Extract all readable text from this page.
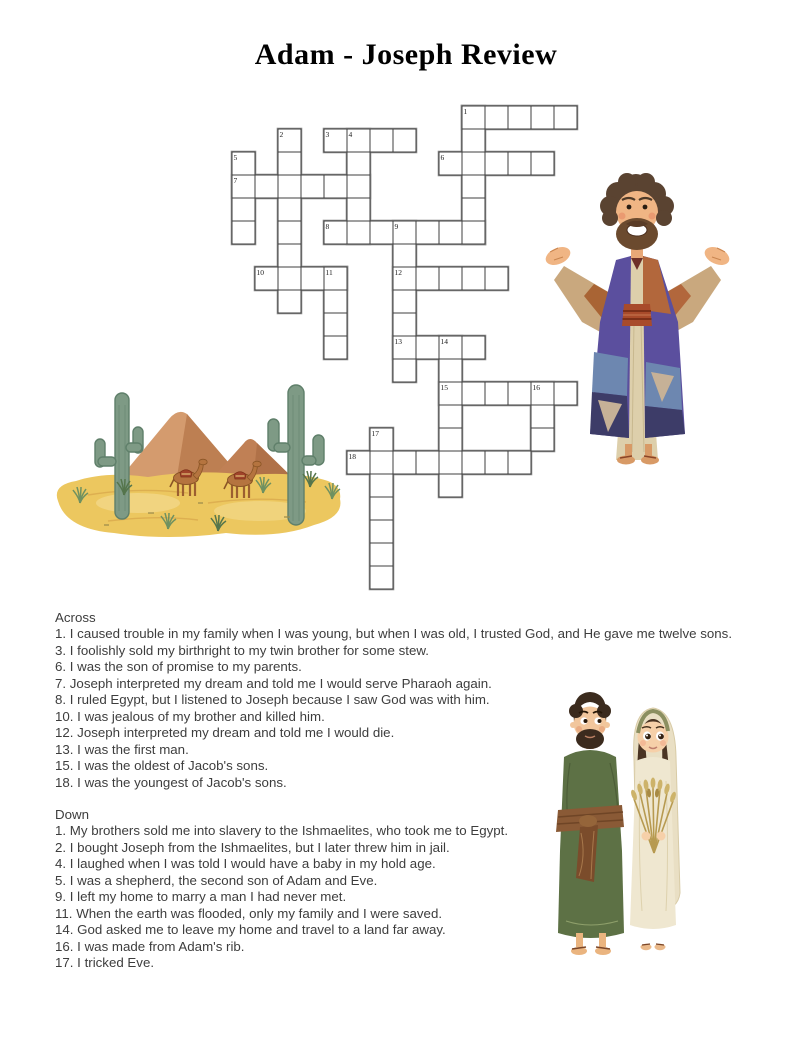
Adam - Joseph Review
1
2	3	4
5	6
7
8	9
10	11	12
13	14
15	16
17
18
Across
1. I caused trouble in my family when I was young, but when I was old, I trusted God, and He gave me twelve sons.
3. I foolishly sold my birthright to my twin brother for some stew.
6. I was the son of promise to my parents.
7. Joseph interpreted my dream and told me I would serve Pharaoh again.
8. I ruled Egypt, but I listened to Joseph because I saw God was with him.
10. I was jealous of my brother and killed him.
12. Joseph interpreted my dream and told me I would die.
13. I was the first man.
15. I was the oldest of Jacob's sons.
18. I was the youngest of Jacob's sons.
Down
1. My brothers sold me into slavery to the Ishmaelites, who took me to Egypt.
2. I bought Joseph from the Ishmaelites, but I later threw him in jail.
4. I laughed when I was told I would have a baby in my hold age.
5. I was a shepherd, the second son of Adam and Eve.
9. I left my home to marry a man I had never met.
11. When the earth was flooded, only my family and I were saved.
14. God asked me to leave my home and travel to a land far away.
16. I was made from Adam's rib.
17. I tricked Eve.
